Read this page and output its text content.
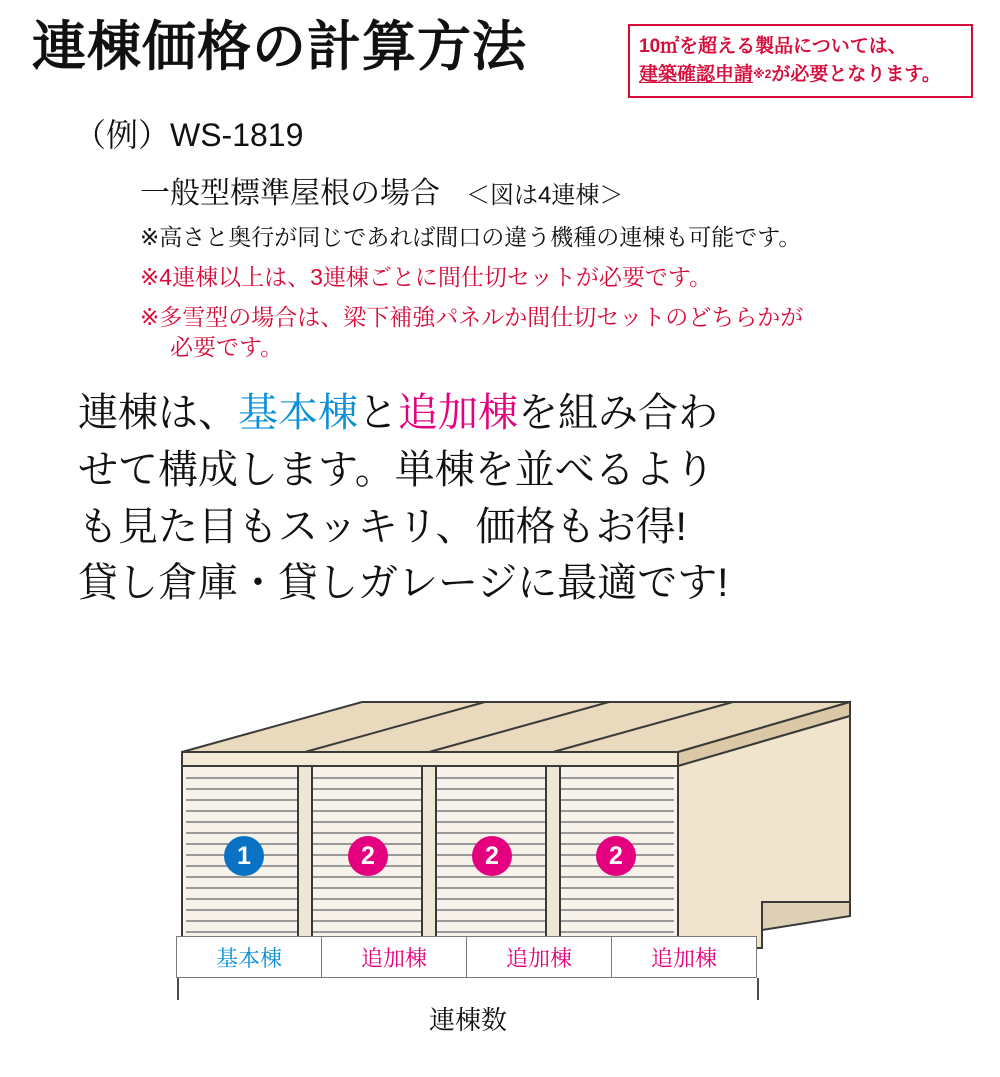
連棟価格の計算方法	10㎡を超える製品については、
建築確認申請※2が必要となります。
（例）WS-1819
一般型標準屋根の場合 ＜図は4連棟＞
※高さと奥行が同じであれば間口の違う機種の連棟も可能です。
※4連棟以上は、3連棟ごとに間仕切セットが必要です。
※多雪型の場合は、梁下補強パネルか間仕切セットのどちらかが
必要です。
連棟は、基本棟と追加棟を組み合わ
せて構成します。単棟を並べるより
も見た目もスッキリ、価格もお得!
貸し倉庫・貸しガレージに最適です!
1	2	2	2
基本棟	追加棟	追加棟	追加棟
連棟数
